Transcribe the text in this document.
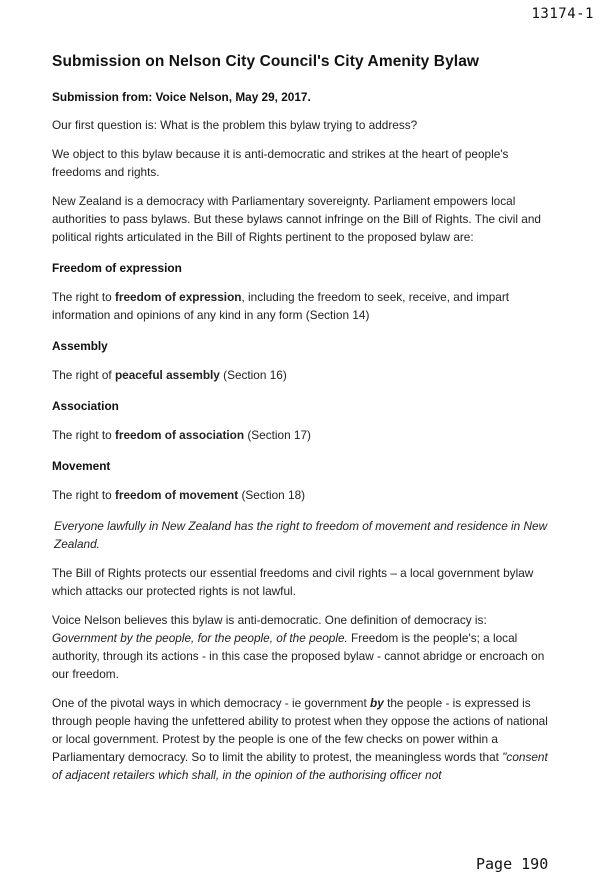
13174-1
Submission on Nelson City Council's City Amenity Bylaw
Submission from: Voice Nelson, May 29, 2017.

Our first question is: What is the problem this bylaw trying to address?

We object to this bylaw because it is anti-democratic and strikes at the heart of people's freedoms and rights.

New Zealand is a democracy with Parliamentary sovereignty. Parliament empowers local authorities to pass bylaws. But these bylaws cannot infringe on the Bill of Rights. The civil and political rights articulated in the Bill of Rights pertinent to the proposed bylaw are:

Freedom of expression

The right to freedom of expression, including the freedom to seek, receive, and impart information and opinions of any kind in any form (Section 14)

Assembly

The right of peaceful assembly (Section 16)

Association

The right to freedom of association (Section 17)

Movement

The right to freedom of movement (Section 18)

Everyone lawfully in New Zealand has the right to freedom of movement and residence in New Zealand.

The Bill of Rights protects our essential freedoms and civil rights – a local government bylaw which attacks our protected rights is not lawful.

Voice Nelson believes this bylaw is anti-democratic. One definition of democracy is: Government by the people, for the people, of the people. Freedom is the people's; a local authority, through its actions - in this case the proposed bylaw - cannot abridge or encroach on our freedom.

One of the pivotal ways in which democracy - ie government by the people - is expressed is through people having the unfettered ability to protest when they oppose the actions of national or local government. Protest by the people is one of the few checks on power within a Parliamentary democracy. So to limit the ability to protest, the meaningless words that "consent of adjacent retailers which shall, in the opinion of the authorising officer not

Page 190
